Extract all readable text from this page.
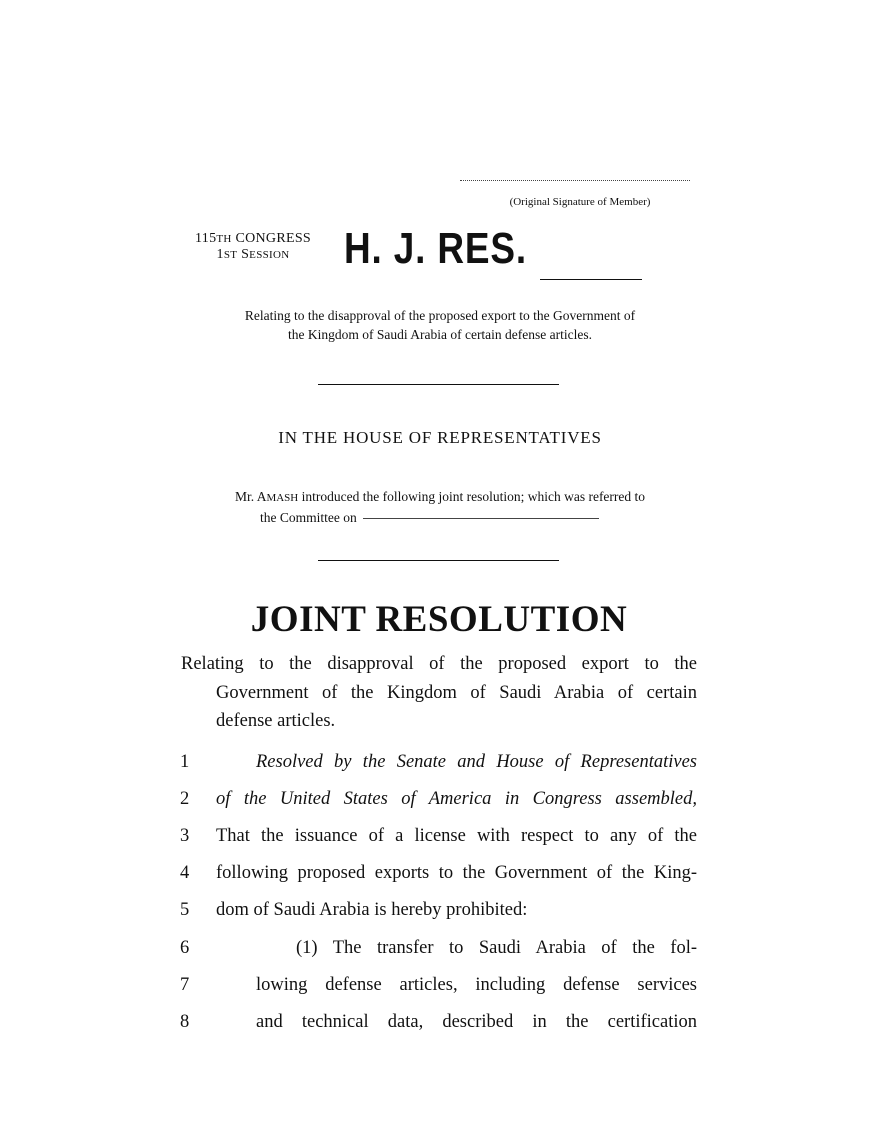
(Original Signature of Member)
115TH CONGRESS
1ST SESSION	H. J. RES.
Relating to the disapproval of the proposed export to the Government of
the Kingdom of Saudi Arabia of certain defense articles.
IN THE HOUSE OF REPRESENTATIVES
Mr. AMASH introduced the following joint resolution; which was referred to
the Committee on
JOINT RESOLUTION
Relating to the disapproval of the proposed export to the
Government of the Kingdom of Saudi Arabia of certain
defense articles.
1	Resolved by the Senate and House of Representatives
2	of the United States of America in Congress assembled,
3	That the issuance of a license with respect to any of the
4	following proposed exports to the Government of the King-
5	dom of Saudi Arabia is hereby prohibited:
6	(1) The transfer to Saudi Arabia of the fol-
7	lowing defense articles, including defense services
8	and technical data, described in the certification
